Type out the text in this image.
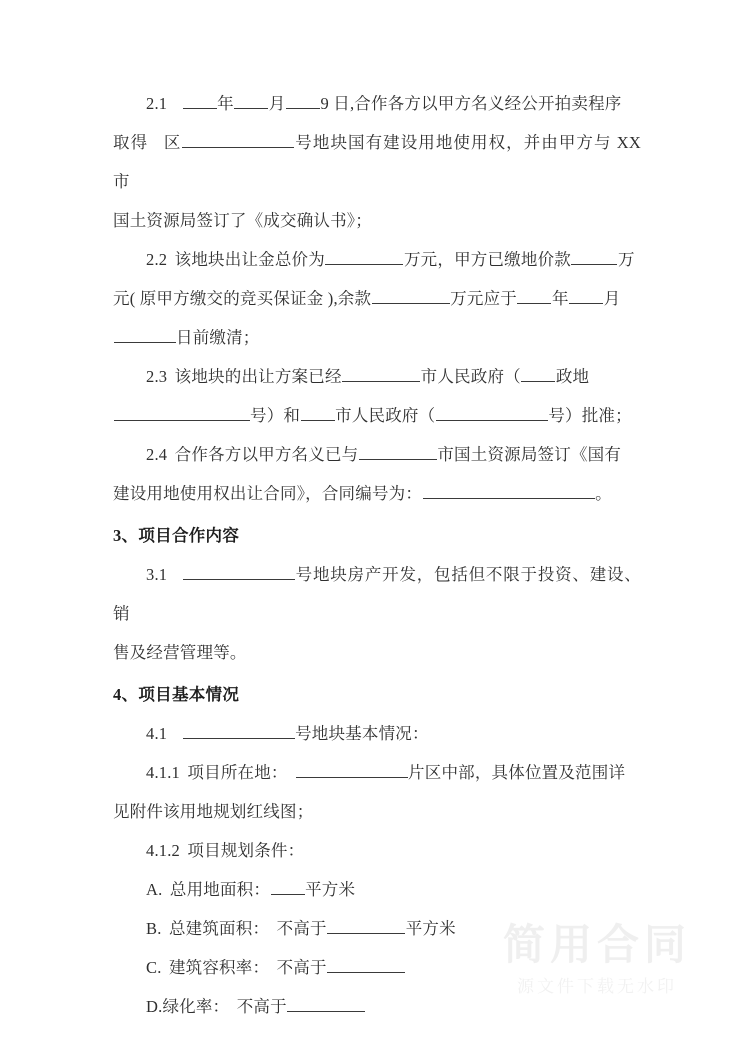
2.1	年 月 9 日,合作各方以甲方名义经公开拍卖程序

取得 区	号地块国有建设用地使用权，并由甲方与 XX 市

国土资源局签订了《成交确认书》；

2.2 该地块出让金总价为	万元，甲方已缴地价款	万

元( 原甲方缴交的竞买保证金 ),余款	万元应于 年 月

日前缴清；

2.3 该地块的出让方案已经	市人民政府（ 政地

号）和 市人民政府（	号）批准；

2.4 合作各方以甲方名义已与	市国土资源局签订《国有

建设用地使用权出让合同》，合同编号为：	。

3、项目合作内容

3.1	号地块房产开发，包括但不限于投资、建设、销

售及经营管理等。

4、项目基本情况

4.1	号地块基本情况：

4.1.1 项目所在地：	片区中部，具体位置及范围详

见附件该用地规划红线图；

4.1.2 项目规划条件：

A. 总用地面积： 平方米

B. 总建筑面积： 不高于	平方米

C. 建筑容积率： 不高于

D.绿化率： 不高于

简用合同
源文件下载无水印
